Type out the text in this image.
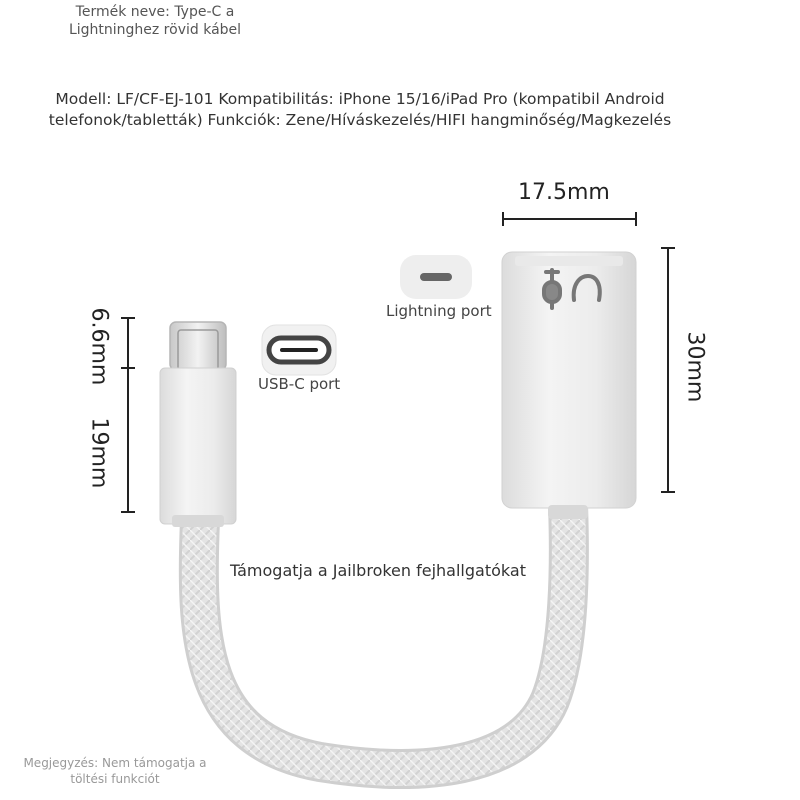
Termék neve: Type-C a Lightninghez rövid kábel
Modell: LF/CF-EJ-101 Kompatibilitás: iPhone 15/16/iPad Pro (kompatibil Android telefonok/tabletták) Funkciók: Zene/Híváskezelés/HIFI hangminőség/Magkezelés
Lightning port
USB-C port
17.5mm
30mm
6.6mm
19mm
Támogatja a Jailbroken fejhallgatókat
Megjegyzés: Nem támogatja a töltési funkciót
